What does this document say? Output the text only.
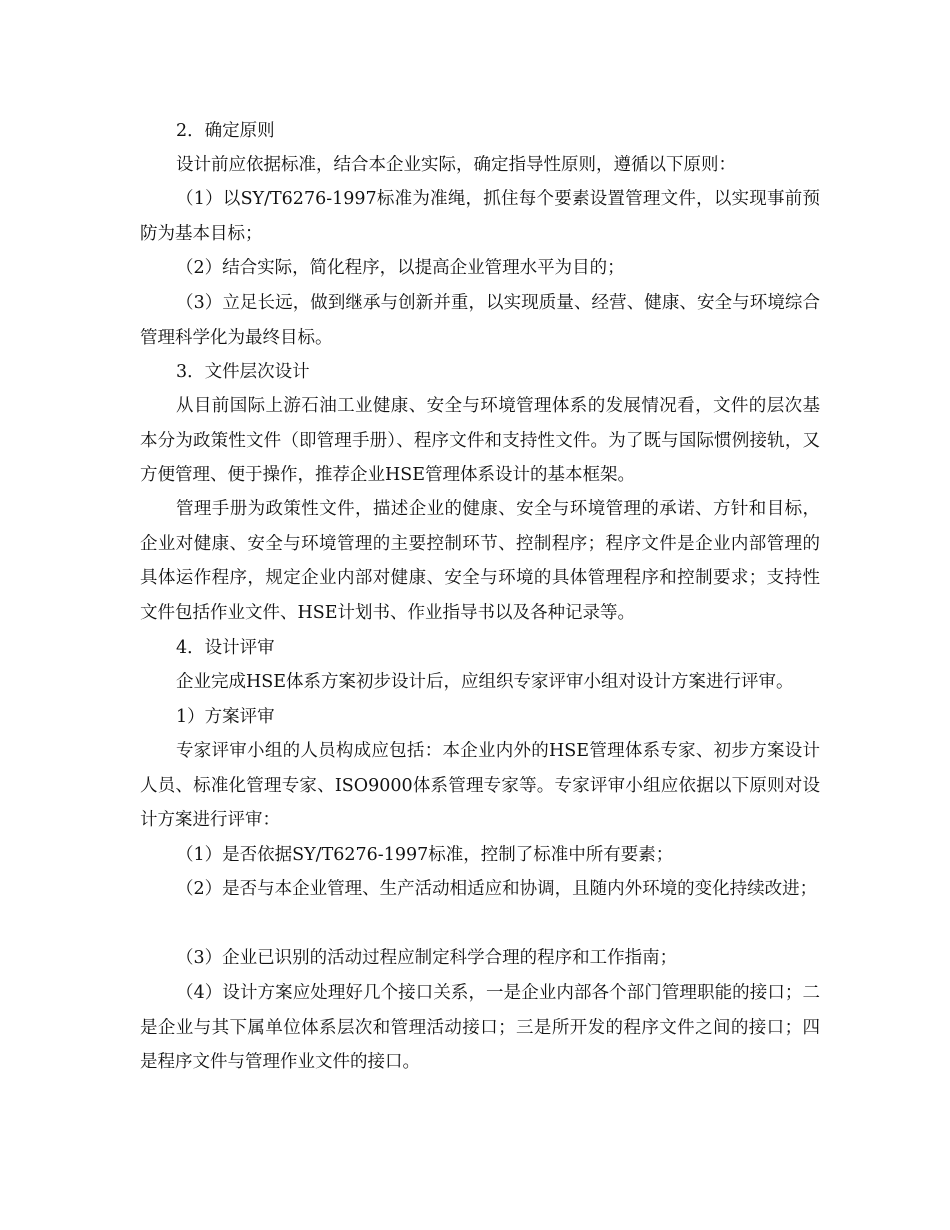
2．确定原则

设计前应依据标准，结合本企业实际，确定指导性原则，遵循以下原则：

（1）以SY/T6276-1997标准为准绳，抓住每个要素设置管理文件，以实现事前预防为基本目标；

（2）结合实际，简化程序，以提高企业管理水平为目的；

（3）立足长远，做到继承与创新并重，以实现质量、经营、健康、安全与环境综合管理科学化为最终目标。

3．文件层次设计

从目前国际上游石油工业健康、安全与环境管理体系的发展情况看，文件的层次基本分为政策性文件（即管理手册）、程序文件和支持性文件。为了既与国际惯例接轨，又方便管理、便于操作，推荐企业HSE管理体系设计的基本框架。

管理手册为政策性文件，描述企业的健康、安全与环境管理的承诺、方针和目标，企业对健康、安全与环境管理的主要控制环节、控制程序；程序文件是企业内部管理的具体运作程序，规定企业内部对健康、安全与环境的具体管理程序和控制要求；支持性文件包括作业文件、HSE计划书、作业指导书以及各种记录等。

4．设计评审

企业完成HSE体系方案初步设计后，应组织专家评审小组对设计方案进行评审。

1）方案评审

专家评审小组的人员构成应包括：本企业内外的HSE管理体系专家、初步方案设计人员、标准化管理专家、ISO9000体系管理专家等。专家评审小组应依据以下原则对设计方案进行评审：

（1）是否依据SY/T6276-1997标准，控制了标准中所有要素；

（2）是否与本企业管理、生产活动相适应和协调，且随内外环境的变化持续改进；

（3）企业已识别的活动过程应制定科学合理的程序和工作指南；

（4）设计方案应处理好几个接口关系，一是企业内部各个部门管理职能的接口；二是企业与其下属单位体系层次和管理活动接口；三是所开发的程序文件之间的接口；四是程序文件与管理作业文件的接口。
